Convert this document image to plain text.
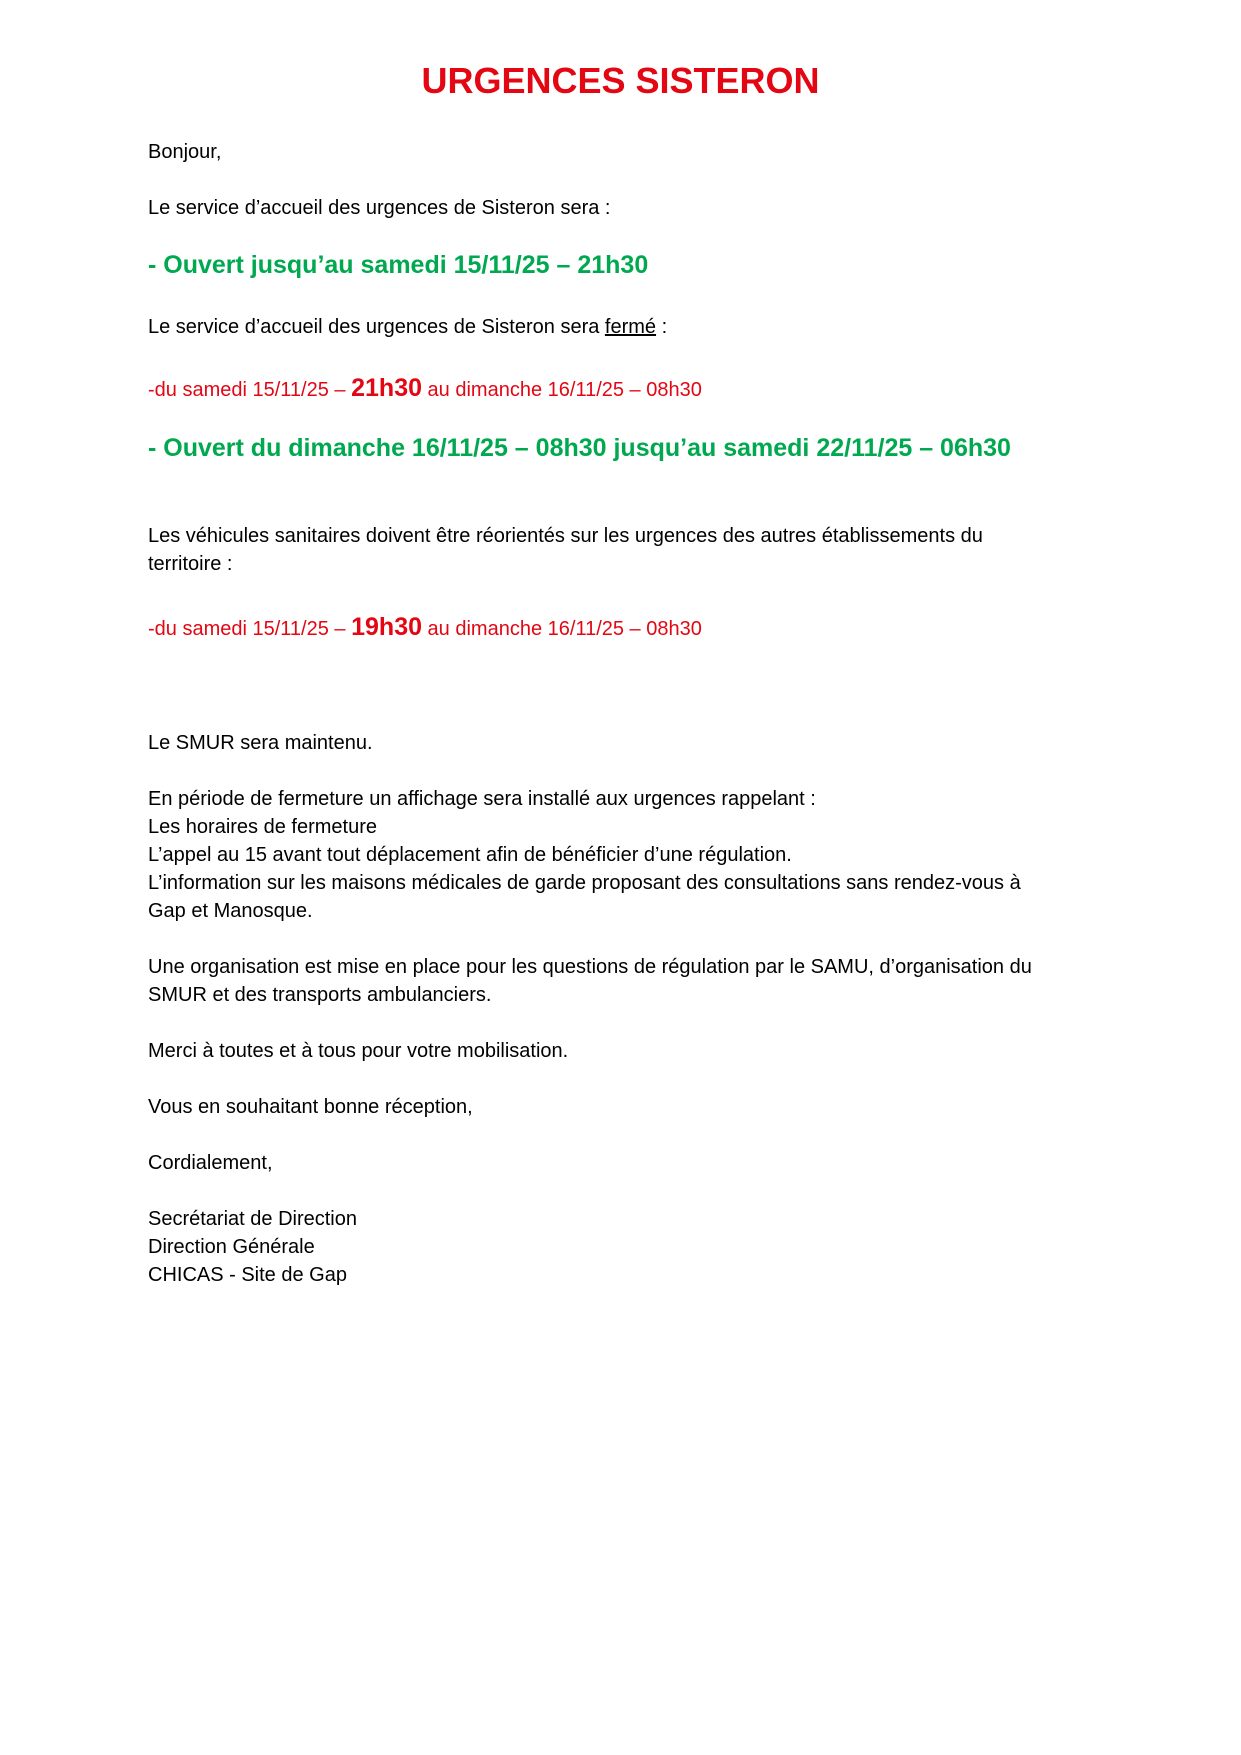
URGENCES SISTERON
Bonjour,
Le service d’accueil des urgences de Sisteron sera :
- Ouvert jusqu’au samedi 15/11/25 – 21h30
Le service d’accueil des urgences de Sisteron sera fermé :
-du samedi 15/11/25 – 21h30 au dimanche 16/11/25 – 08h30
- Ouvert du dimanche 16/11/25 – 08h30 jusqu’au samedi 22/11/25 – 06h30
Les véhicules sanitaires doivent être réorientés sur les urgences des autres établissements du
territoire :
-du samedi 15/11/25 – 19h30 au dimanche 16/11/25 – 08h30
Le SMUR sera maintenu.
En période de fermeture un affichage sera installé aux urgences rappelant :
Les horaires de fermeture
L’appel au 15 avant tout déplacement afin de bénéficier d’une régulation.
L’information sur les maisons médicales de garde proposant des consultations sans rendez-vous à
Gap et Manosque.
Une organisation est mise en place pour les questions de régulation par le SAMU, d’organisation du
SMUR et des transports ambulanciers.
Merci à toutes et à tous pour votre mobilisation.
Vous en souhaitant bonne réception,
Cordialement,
Secrétariat de Direction
Direction Générale
CHICAS - Site de Gap
